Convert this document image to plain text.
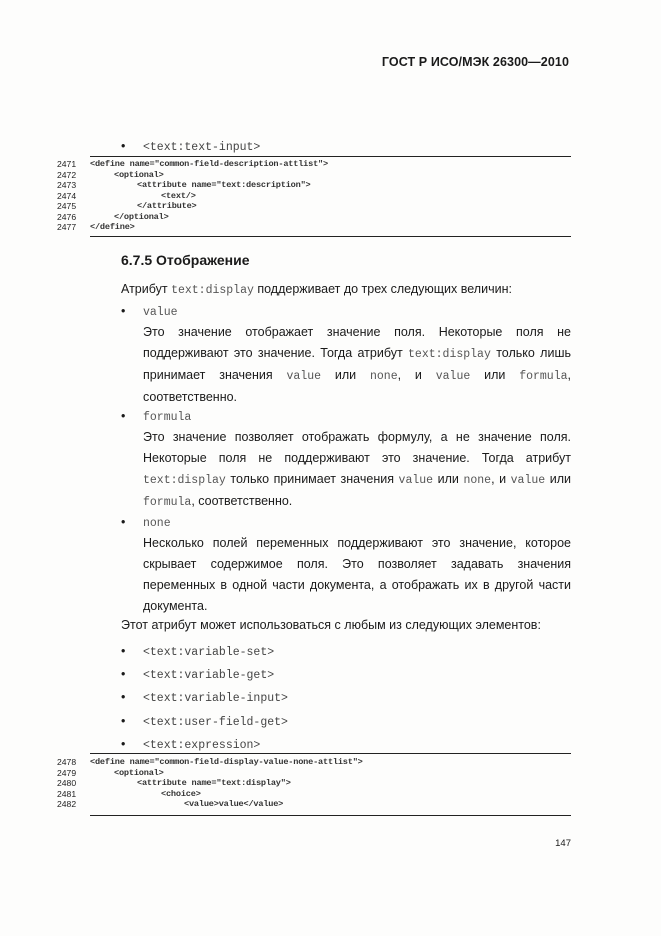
ГОСТ Р ИСО/МЭК 26300—2010
• <text:text-input>
2471	<define name="common-field-description-attlist">
2472	<optional>
2473	<attribute name="text:description">
2474	<text/>
2475	</attribute>
2476	</optional>
2477	</define>
6.7.5 Отображение
Атрибут text:display поддерживает до трех следующих величин:
• value
Это значение отображает значение поля. Некоторые поля не
поддерживают это значение. Тогда атрибут text:display только лишь
принимает значения value или none, и value или formula,
соответственно.
• formula
Это значение позволяет отображать формулу, а не значение поля.
Некоторые поля не поддерживают это значение. Тогда атрибут
text:display только принимает значения value или none, и value или
formula, соответственно.
• none
Несколько полей переменных поддерживают это значение, которое
скрывает содержимое поля. Это позволяет задавать значения
переменных в одной части документа, а отображать их в другой части
документа.
Этот атрибут может использоваться с любым из следующих элементов:
• <text:variable-set>
• <text:variable-get>
• <text:variable-input>
• <text:user-field-get>
• <text:expression>
2478	<define name="common-field-display-value-none-attlist">
2479	<optional>
2480	<attribute name="text:display">
2481	<choice>
2482	<value>value</value>
147
